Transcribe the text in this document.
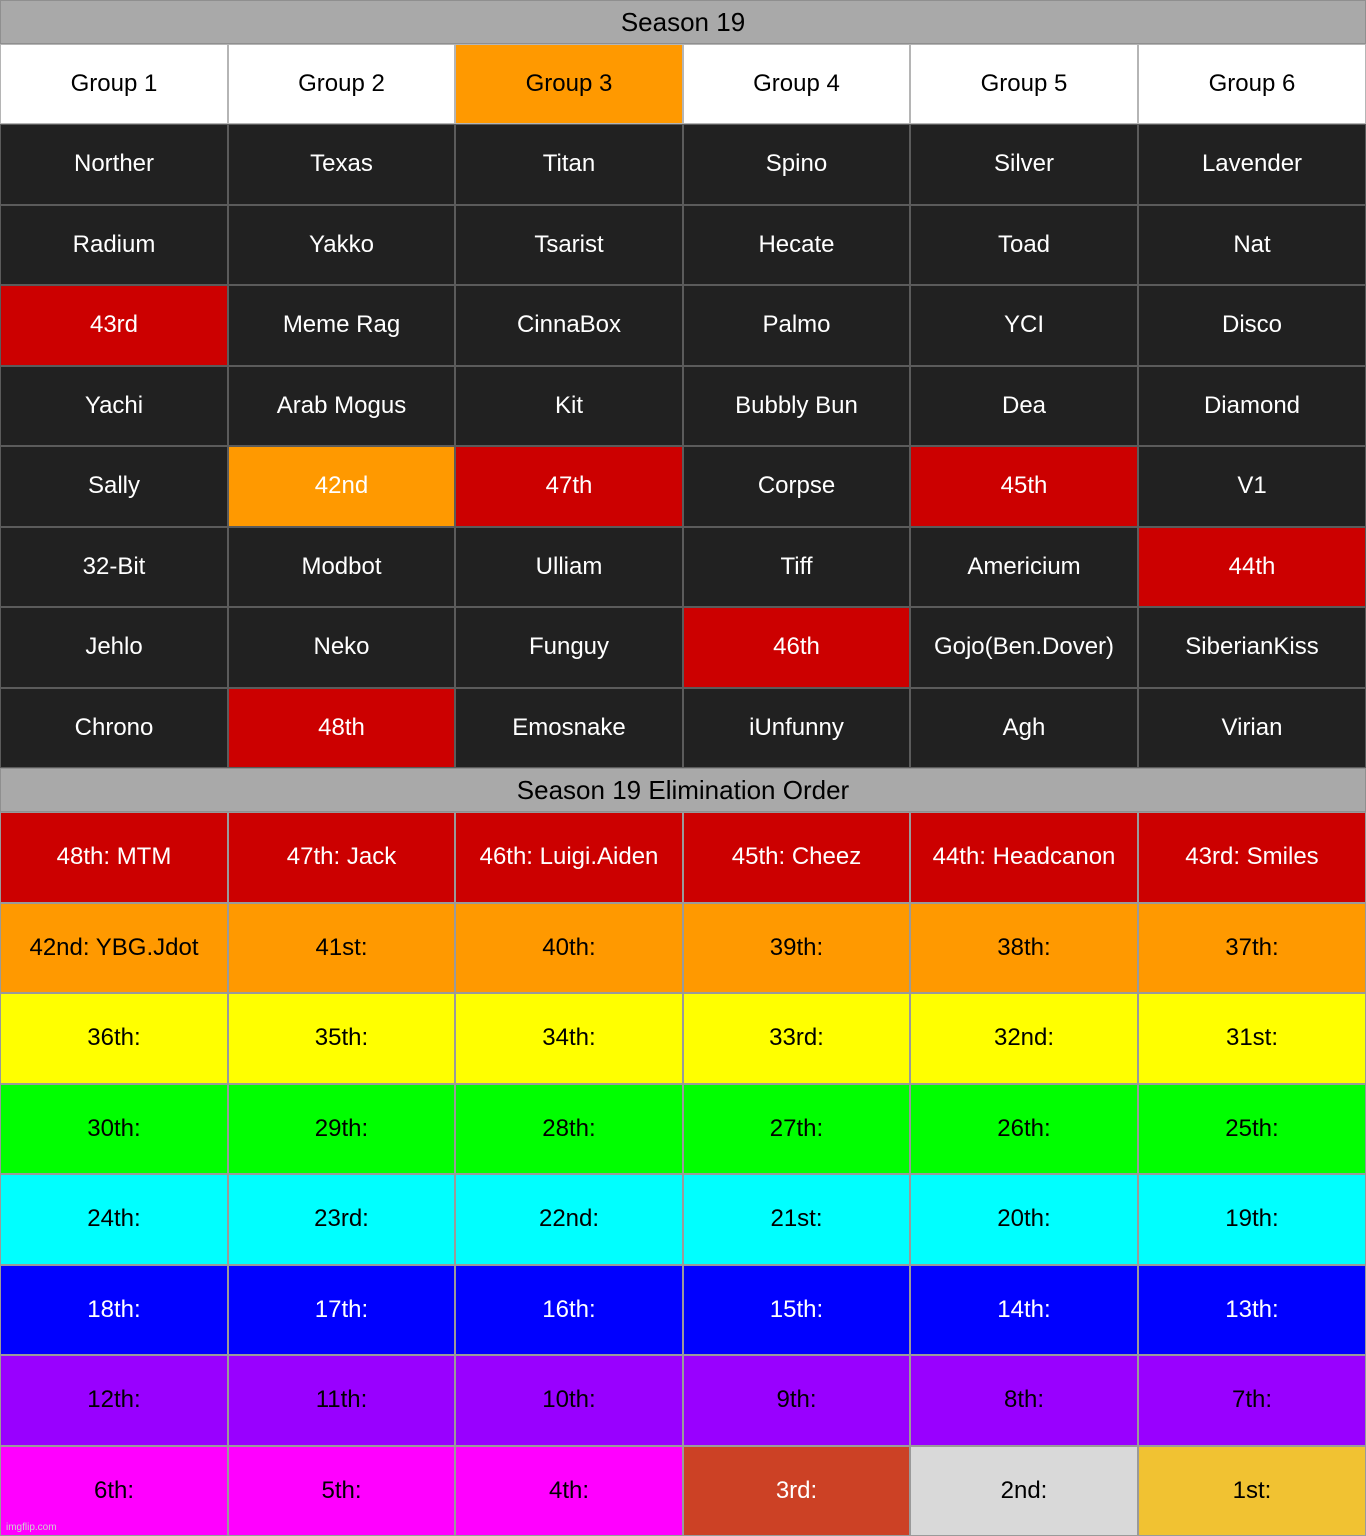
Season 19
Group 1	Group 2	Group 3	Group 4	Group 5	Group 6
Norther	Texas	Titan	Spino	Silver	Lavender
Radium	Yakko	Tsarist	Hecate	Toad	Nat
43rd	Meme Rag	CinnaBox	Palmo	YCI	Disco
Yachi	Arab Mogus	Kit	Bubbly Bun	Dea	Diamond
Sally	42nd	47th	Corpse	45th	V1
32-Bit	Modbot	Ulliam	Tiff	Americium	44th
Jehlo	Neko	Funguy	46th	Gojo(Ben.Dover)	SiberianKiss
Chrono	48th	Emosnake	iUnfunny	Agh	Virian
Season 19 Elimination Order
48th: MTM	47th: Jack	46th: Luigi.Aiden	45th: Cheez	44th: Headcanon	43rd: Smiles
42nd: YBG.Jdot	41st:	40th:	39th:	38th:	37th:
36th:	35th:	34th:	33rd:	32nd:	31st:
30th:	29th:	28th:	27th:	26th:	25th:
24th:	23rd:	22nd:	21st:	20th:	19th:
18th:	17th:	16th:	15th:	14th:	13th:
12th:	11th:	10th:	9th:	8th:	7th:
6th:	5th:	4th:	3rd:	2nd:	1st:
imgflip.com
